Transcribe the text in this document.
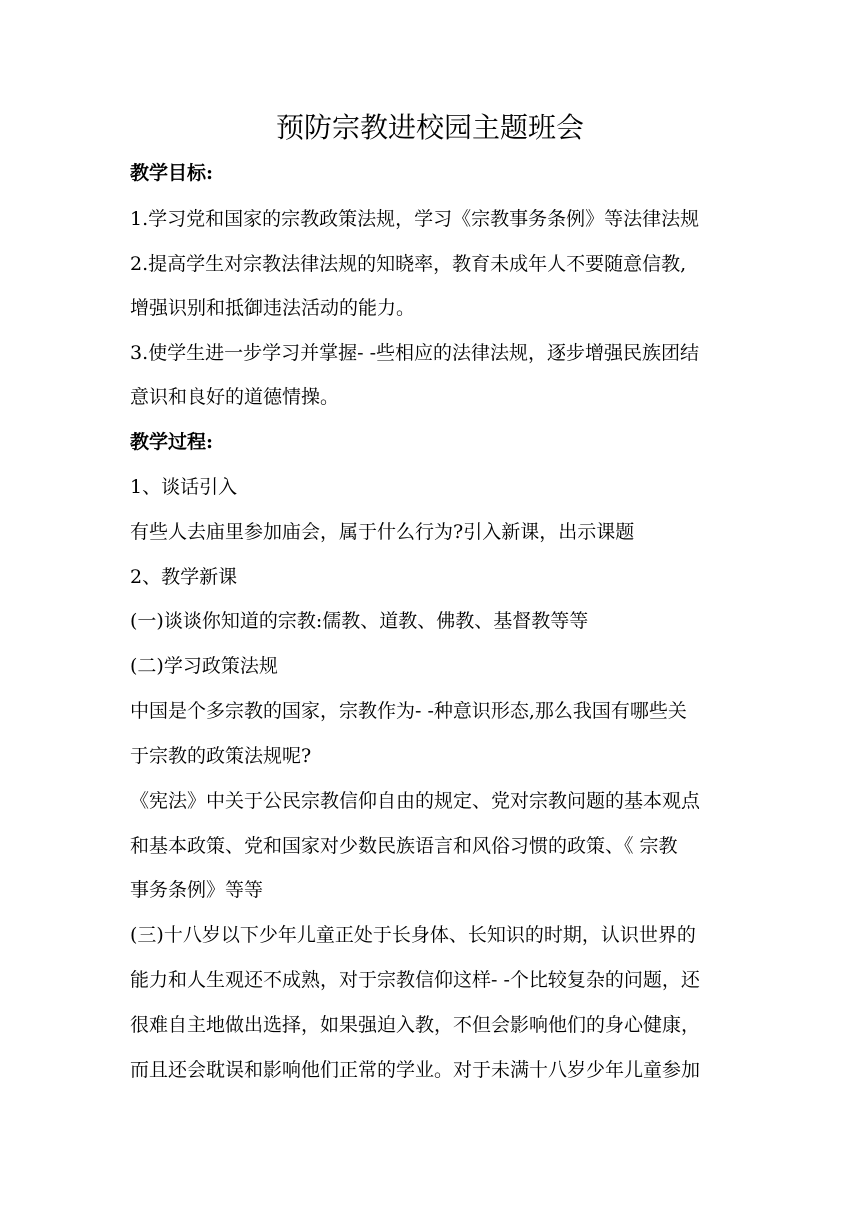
预防宗教进校园主题班会

教学目标:

1.学习党和国家的宗教政策法规，学习《宗教事务条例》等法律法规

2.提高学生对宗教法律法规的知晓率，教育未成年人不要随意信教,

增强识别和抵御违法活动的能力。

3.使学生进一步学习并掌握- -些相应的法律法规，逐步增强民族团结

意识和良好的道德情操。

教学过程:

1、谈话引入

有些人去庙里参加庙会，属于什么行为?引入新课，出示课题

2、教学新课

(一)谈谈你知道的宗教:儒教、道教、佛教、基督教等等

(二)学习政策法规

中国是个多宗教的国家，宗教作为- -种意识形态,那么我国有哪些关

于宗教的政策法规呢?

《宪法》中关于公民宗教信仰自由的规定、党对宗教问题的基本观点

和基本政策、党和国家对少数民族语言和风俗习惯的政策、《 宗教

事务条例》等等

(三)十八岁以下少年儿童正处于长身体、长知识的时期，认识世界的

能力和人生观还不成熟，对于宗教信仰这样- -个比较复杂的问题，还

很难自主地做出选择，如果强迫入教，不但会影响他们的身心健康，

而且还会耽误和影响他们正常的学业。对于未满十八岁少年儿童参加
